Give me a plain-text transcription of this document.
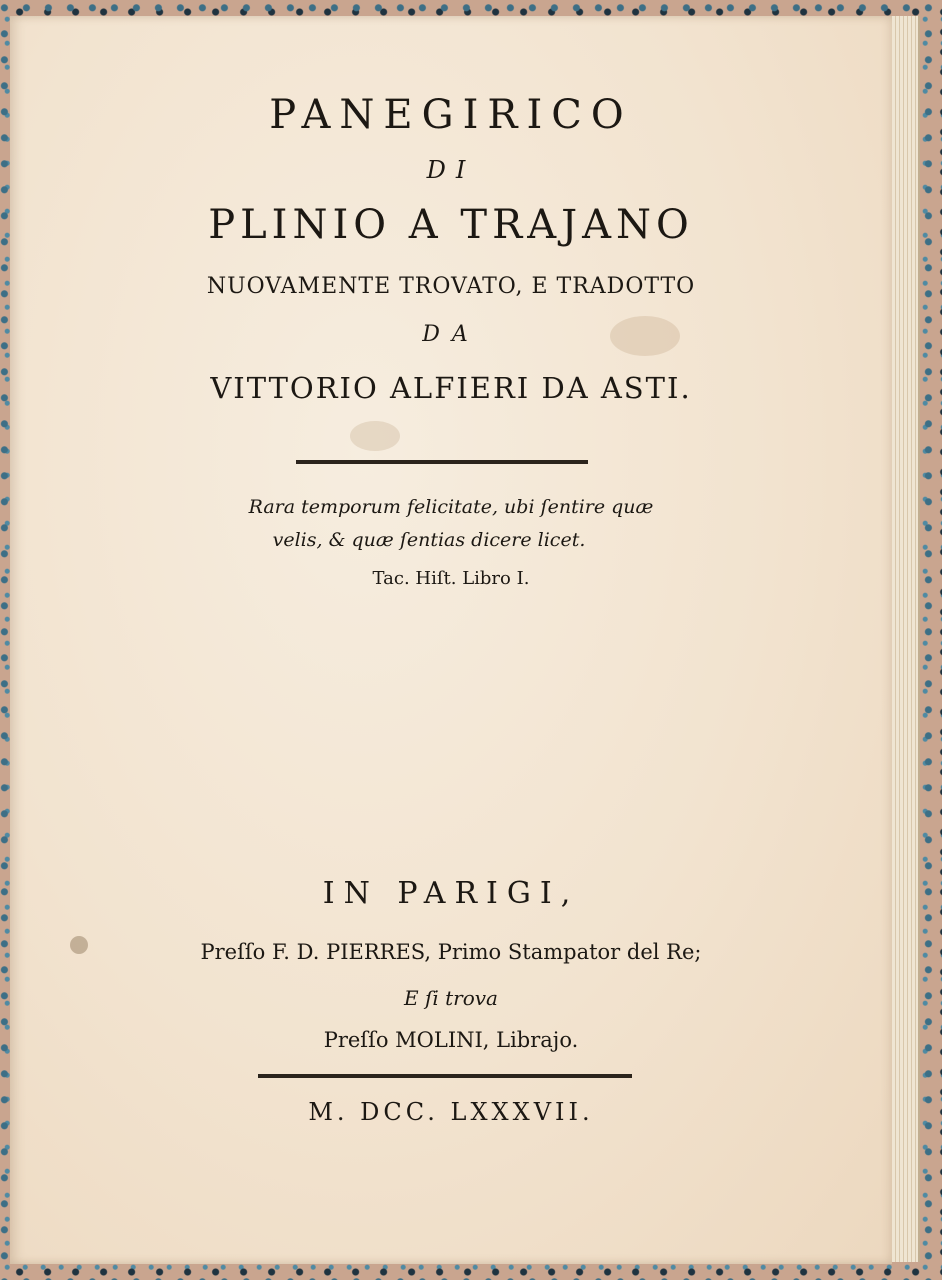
PANEGIRICO
DI
PLINIO A TRAJANO
NUOVAMENTE TROVATO, E TRADOTTO
DA
VITTORIO ALFIERI DA ASTI.
Rara temporum felicitate, ubi ſentire quæ
velis, & quæ ſentias dicere licet.
Tac. Hiſt. Libro I.
IN PARIGI,
Preſſo F. D. PIERRES, Primo Stampator del Re;
E ſi trova
Preſſo MOLINI, Librajo.
M. DCC. LXXXVII.
